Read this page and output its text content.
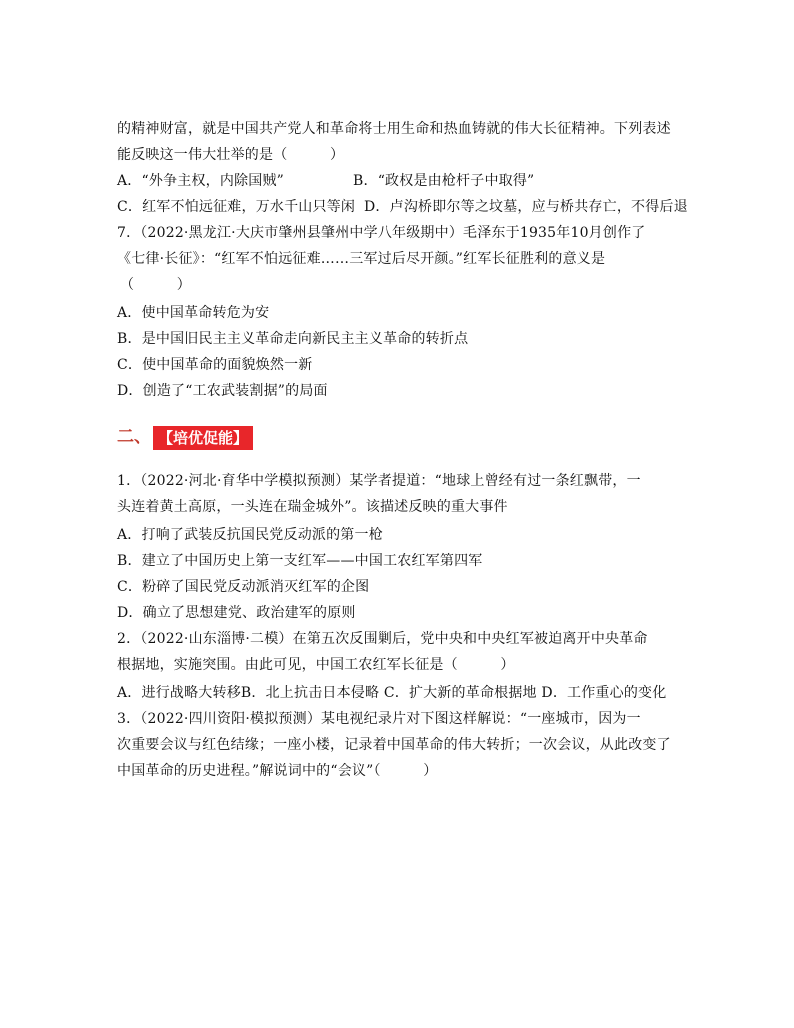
的精神财富，就是中国共产党人和革命将士用生命和热血铸就的伟大长征精神。下列表述
能反映这一伟大壮举的是（　　　）
A．“外争主权，内除国贼”	B．“政权是由枪杆子中取得”
C．红军不怕远征难，万水千山只等闲 D．卢沟桥即尔等之坟墓，应与桥共存亡，不得后退
7．（2022·黑龙江·大庆市肇州县肇州中学八年级期中）毛泽东于1935年10月创作了
《七律·长征》：“红军不怕远征难……三军过后尽开颜。”红军长征胜利的意义是
（　　　）
A．使中国革命转危为安
B．是中国旧民主主义革命走向新民主主义革命的转折点
C．使中国革命的面貌焕然一新
D．创造了“工农武装割据”的局面
二、 【培优促能】
1．（2022·河北·育华中学模拟预测）某学者提道：“地球上曾经有过一条红飘带，一
头连着黄土高原，一头连在瑞金城外”。该描述反映的重大事件
A．打响了武装反抗国民党反动派的第一枪
B．建立了中国历史上第一支红军——中国工农红军第四军
C．粉碎了国民党反动派消灭红军的企图
D．确立了思想建党、政治建军的原则
2．（2022·山东淄博·二模）在第五次反围剿后，党中央和中央红军被迫离开中央革命
根据地，实施突围。由此可见，中国工农红军长征是（　　　）
A．进行战略大转移B．北上抗击日本侵略 C．扩大新的革命根据地 D．工作重心的变化
3．（2022·四川资阳·模拟预测）某电视纪录片对下图这样解说：“一座城市，因为一
次重要会议与红色结缘；一座小楼，记录着中国革命的伟大转折；一次会议，从此改变了
中国革命的历史进程。”解说词中的“会议”（　　　）
